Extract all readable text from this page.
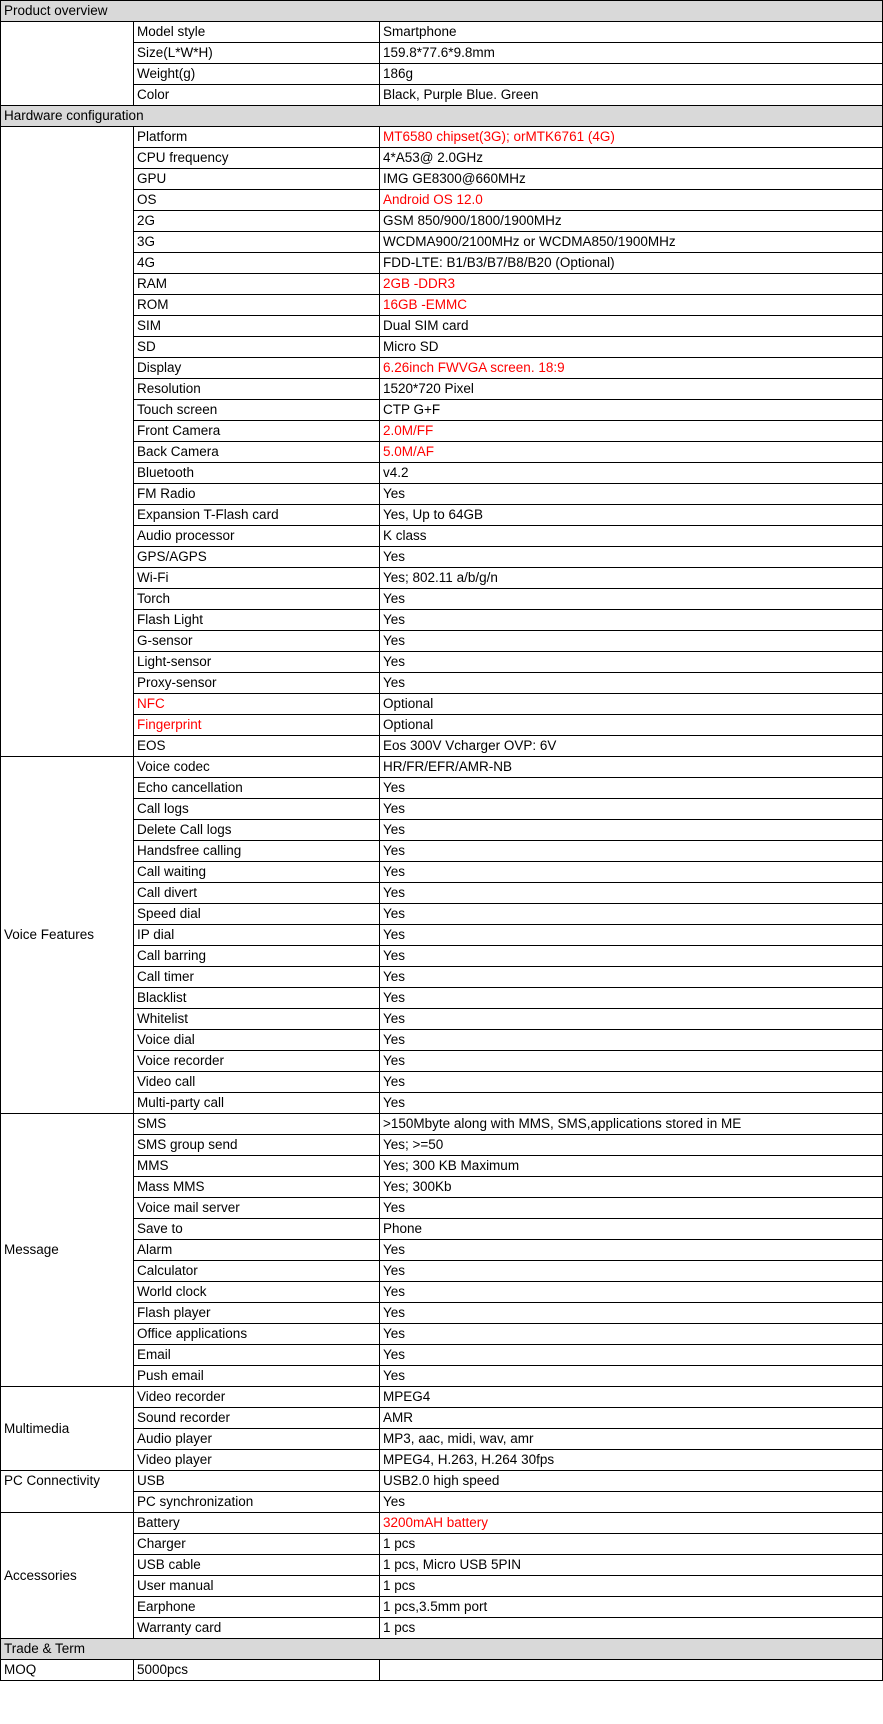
Product overview		
	Model style	Smartphone
	Size(L*W*H)	159.8*77.6*9.8mm
	Weight(g)	186g
	Color	Black, Purple Blue. Green
Hardware configuration		
	Platform	MT6580 chipset(3G); orMTK6761 (4G)
	CPU frequency	4*A53@ 2.0GHz
	GPU	IMG GE8300@660MHz
	OS	Android OS 12.0
	2G	GSM 850/900/1800/1900MHz
	3G	WCDMA900/2100MHz or WCDMA850/1900MHz
	4G	FDD-LTE: B1/B3/B7/B8/B20 (Optional)
	RAM	2GB -DDR3
	ROM	16GB -EMMC
	SIM	Dual SIM card
	SD	Micro SD
	Display	6.26inch FWVGA screen. 18:9
	Resolution	1520*720 Pixel
	Touch screen	CTP G+F
	Front Camera	2.0M/FF
	Back Camera	5.0M/AF
	Bluetooth	v4.2
	FM Radio	Yes
	Expansion T-Flash card	Yes, Up to 64GB
	Audio processor	K class
	GPS/AGPS	Yes
	Wi-Fi	Yes; 802.11 a/b/g/n
	Torch	Yes
	Flash Light	Yes
	G-sensor	Yes
	Light-sensor	Yes
	Proxy-sensor	Yes
	NFC	Optional
	Fingerprint	Optional
	EOS	Eos 300V Vcharger OVP: 6V
Voice Features	Voice codec	HR/FR/EFR/AMR-NB
	Echo cancellation	Yes
	Call logs	Yes
	Delete Call logs	Yes
	Handsfree calling	Yes
	Call waiting	Yes
	Call divert	Yes
	Speed dial	Yes
	IP dial	Yes
	Call barring	Yes
	Call timer	Yes
	Blacklist	Yes
	Whitelist	Yes
	Voice dial	Yes
	Voice recorder	Yes
	Video call	Yes
	Multi-party call	Yes
Message	SMS	>150Mbyte along with MMS, SMS,applications stored in ME
	SMS group send	Yes; >=50
	MMS	Yes; 300 KB Maximum
	Mass MMS	Yes; 300Kb
	Voice mail server	Yes
	Save to	Phone
	Alarm	Yes
	Calculator	Yes
	World clock	Yes
	Flash player	Yes
	Office applications	Yes
	Email	Yes
	Push email	Yes
Multimedia	Video recorder	MPEG4
	Sound recorder	AMR
	Audio player	MP3, aac, midi, wav, amr
	Video player	MPEG4, H.263, H.264 30fps
PC Connectivity	USB	USB2.0 high speed
	PC synchronization	Yes
Accessories	Battery	3200mAH battery
	Charger	1 pcs
	USB cable	1 pcs, Micro USB 5PIN
	User manual	1 pcs
	Earphone	1 pcs,3.5mm port
	Warranty card	1 pcs
Trade & Term		
MOQ	5000pcs	
